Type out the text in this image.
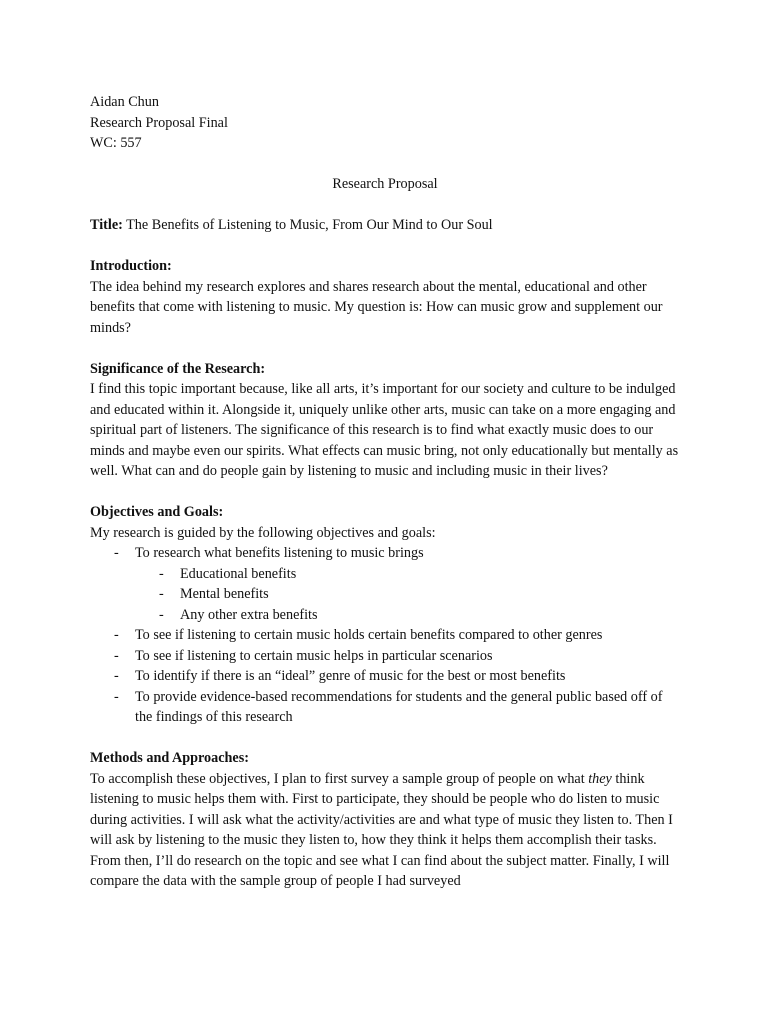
Aidan Chun

Research Proposal Final

WC: 557

Research Proposal

Title: The Benefits of Listening to Music, From Our Mind to Our Soul

Introduction:

The idea behind my research explores and shares research about the mental, educational and other benefits that come with listening to music. My question is: How can music grow and supplement our minds?

Significance of the Research:

I find this topic important because, like all arts, it’s important for our society and culture to be indulged and educated within it. Alongside it, uniquely unlike other arts, music can take on a more engaging and spiritual part of listeners. The significance of this research is to find what exactly music does to our minds and maybe even our spirits. What effects can music bring, not only educationally but mentally as well. What can and do people gain by listening to music and including music in their lives?

Objectives and Goals:

My research is guided by the following objectives and goals:

- To research what benefits listening to music brings
- Educational benefits
- Mental benefits
- Any other extra benefits
- To see if listening to certain music holds certain benefits compared to other genres
- To see if listening to certain music helps in particular scenarios
- To identify if there is an “ideal” genre of music for the best or most benefits
- To provide evidence-based recommendations for students and the general public based off of the findings of this research

Methods and Approaches:

To accomplish these objectives, I plan to first survey a sample group of people on what they think listening to music helps them with. First to participate, they should be people who do listen to music during activities. I will ask what the activity/activities are and what type of music they listen to. Then I will ask by listening to the music they listen to, how they think it helps them accomplish their tasks. From then, I’ll do research on the topic and see what I can find about the subject matter. Finally, I will compare the data with the sample group of people I had surveyed
